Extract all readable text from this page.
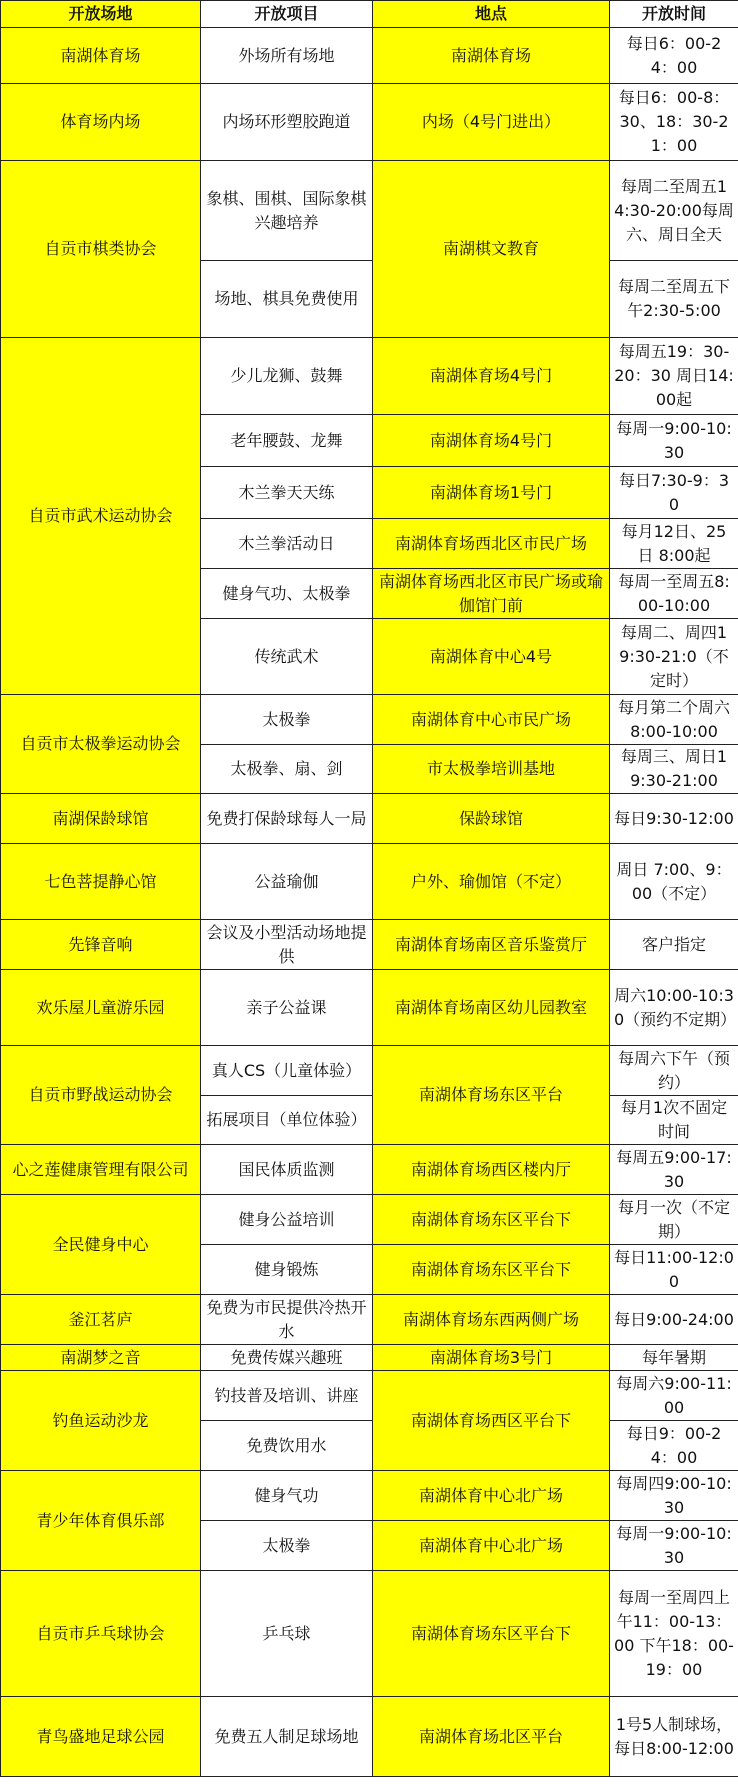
开放场地	开放项目	地点	开放时间
南湖体育场	外场所有场地	南湖体育场	每日6：00-24：00
体育场内场	内场环形塑胶跑道	内场（4号门进出）	每日6：00-8：30、18：30-21：00
自贡市棋类协会	象棋、围棋、国际象棋兴趣培养	南湖棋文教育	每周二至周五14:30-20:00每周六、周日全天
	场地、棋具免费使用		每周二至周五下午2:30-5:00
自贡市武术运动协会	少儿龙狮、鼓舞	南湖体育场4号门	每周五19：30-20：30 周日14:00起
	老年腰鼓、龙舞	南湖体育场4号门	每周一9:00-10:30
	木兰拳天天练	南湖体育场1号门	每日7:30-9：30
	木兰拳活动日	南湖体育场西北区市民广场	每月12日、25日 8:00起
	健身气功、太极拳	南湖体育场西北区市民广场或瑜伽馆门前	每周一至周五8:00-10:00
	传统武术	南湖体育中心4号	每周二、周四19:30-21:0（不定时）
自贡市太极拳运动协会	太极拳	南湖体育中心市民广场	每月第二个周六 8:00-10:00
	太极拳、扇、剑	市太极拳培训基地	每周三、周日19:30-21:00
南湖保龄球馆	免费打保龄球每人一局	保龄球馆	每日9:30-12:00
七色菩提静心馆	公益瑜伽	户外、瑜伽馆（不定）	周日 7:00、9：00（不定）
先锋音响	会议及小型活动场地提供	南湖体育场南区音乐鉴赏厅	客户指定
欢乐屋儿童游乐园	亲子公益课	南湖体育场南区幼儿园教室	周六10:00-10:30（预约不定期）
自贡市野战运动协会	真人CS（儿童体验）	南湖体育场东区平台	每周六下午（预约）
	拓展项目（单位体验）		每月1次不固定时间
心之莲健康管理有限公司	国民体质监测	南湖体育场西区楼内厅	每周五9:00-17:30
全民健身中心	健身公益培训	南湖体育场东区平台下	每月一次（不定期）
	健身锻炼	南湖体育场东区平台下	每日11:00-12:00
釜江茗庐	免费为市民提供冷热开水	南湖体育场东西两侧广场	每日9:00-24:00
南湖梦之音	免费传媒兴趣班	南湖体育场3号门	每年暑期
钓鱼运动沙龙	钓技普及培训、讲座	南湖体育场西区平台下	每周六9:00-11:00
	免费饮用水		每日9：00-24：00
青少年体育俱乐部	健身气功	南湖体育中心北广场	每周四9:00-10:30
	太极拳	南湖体育中心北广场	每周一9:00-10:30
自贡市乒乓球协会	乒乓球	南湖体育场东区平台下	每周一至周四上午11：00-13：00 下午18：00-19：00
青鸟盛地足球公园	免费五人制足球场地	南湖体育场北区平台	1号5人制球场，每日8:00-12:00
